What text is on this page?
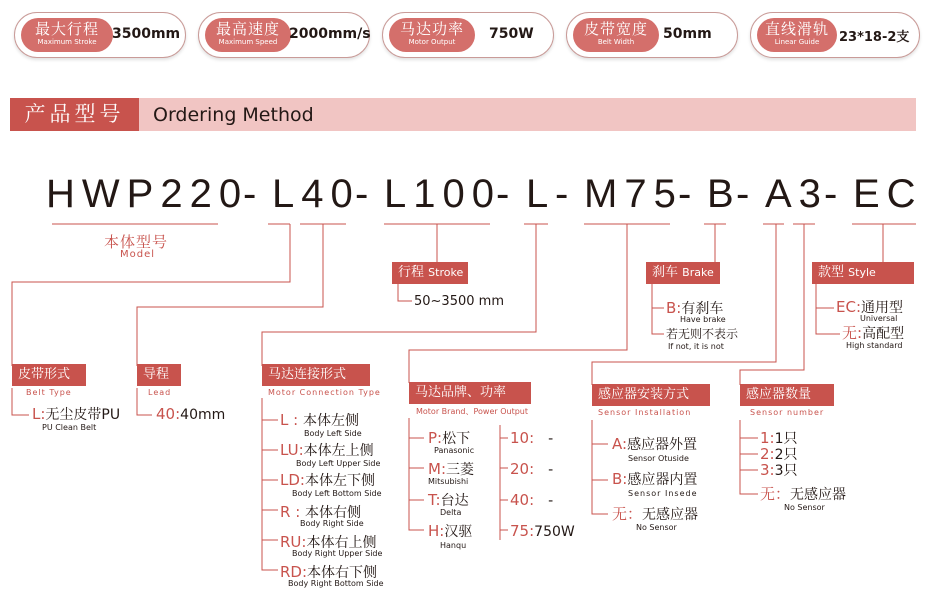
最大行程
Maximum Stroke	3500mm	最高速度
Maximum Speed 2000mm/s	马达功率
Motor Output	750W	皮带宽度
Belt Width	50mm	直线滑轨
Linear Guide	23*18-2支
产品型号	Ordering Method
HWP220
- L40
- L100
- L - M75
- B
- A3
- EC
本体型号
Model
行程 Stroke
50~3500 mm
刹车 Brake
B:有刹车
Have brake
若无则不表示
If not, it is not
款型 Style
EC:通用型
Universal
无:高配型
High standard
皮带形式
Belt Type
L:无尘皮带PU
PU Clean Belt
导程
Lead
40:40mm
马达连接形式
Motor Connection Type
L : 本体左侧
Body Left Side
LU:本体左上侧
Body Left Upper Side
LD:本体左下侧
Body Left Bottom Side
R : 本体右侧
Body Right Side
RU:本体右上侧
Body Right Upper Side
RD:本体右下侧
Body Right Bottom Side
马达品牌、功率
Motor Brand、Power Output
P:松下
Panasonic
M:三菱
Mitsubishi
T:台达
Delta
H:汉驱
Hanqu
10: -
20: -
40: -
75:750W
感应器安装方式
Sensor Installation
A:感应器外置
Sensor Otuside
B:感应器内置
Sensor Insede
无：无感应器
No Sensor
感应器数量
Sensor number
1:1只
2:2只
3:3只
无：无感应器
No Sensor
